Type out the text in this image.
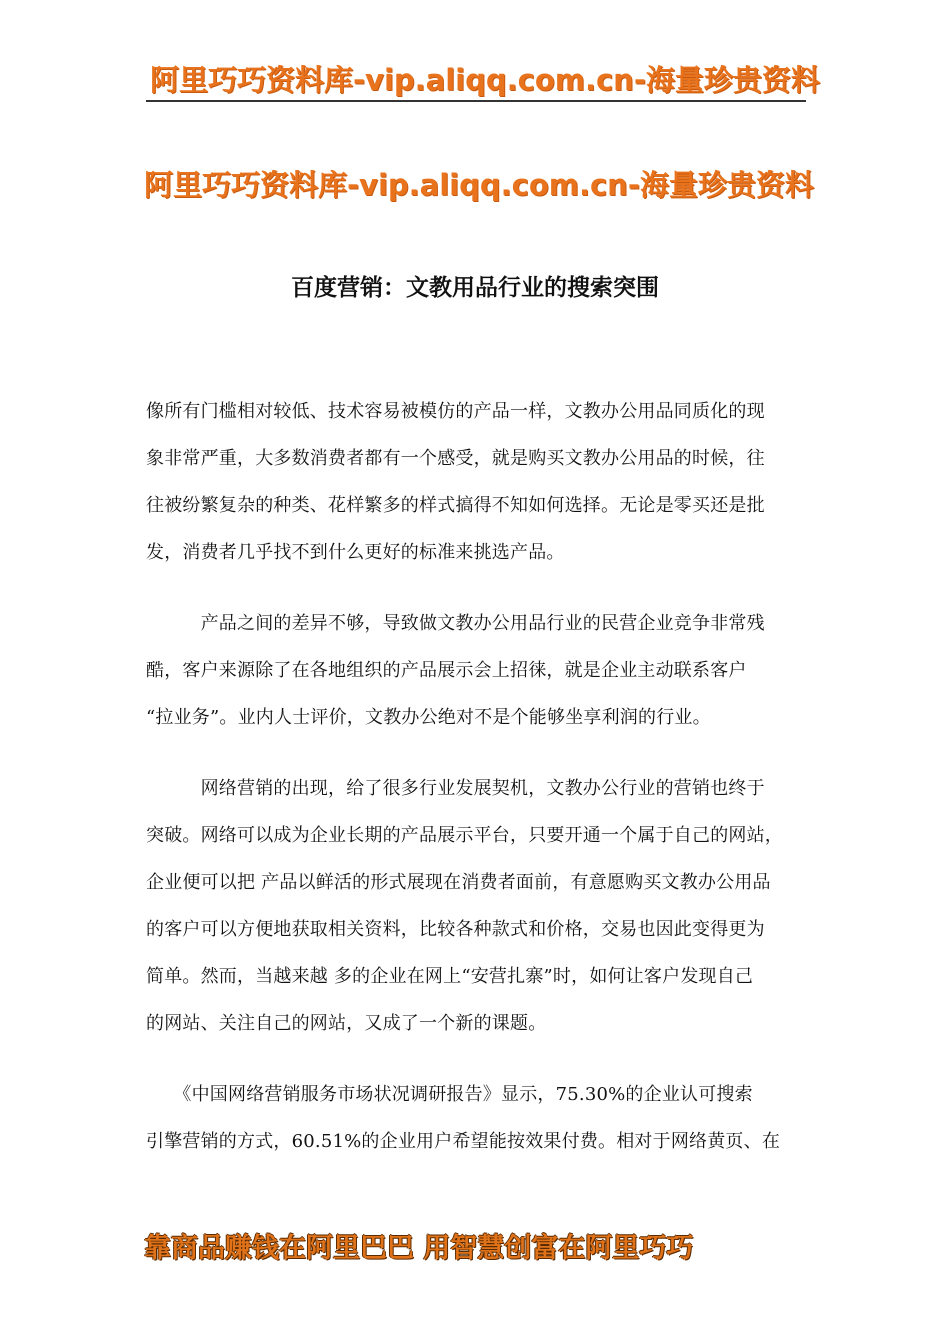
阿里巧巧资料库-vip.aliqq.com.cn-海量珍贵资料
阿里巧巧资料库-vip.aliqq.com.cn-海量珍贵资料
百度营销：文教用品行业的搜索突围
像所有门槛相对较低、技术容易被模仿的产品一样，文教办公用品同质化的现
象非常严重，大多数消费者都有一个感受，就是购买文教办公用品的时候，往
往被纷繁复杂的种类、花样繁多的样式搞得不知如何选择。无论是零买还是批
发，消费者几乎找不到什么更好的标准来挑选产品。
　　　产品之间的差异不够，导致做文教办公用品行业的民营企业竞争非常残
酷，客户来源除了在各地组织的产品展示会上招徕，就是企业主动联系客户
“拉业务”。业内人士评价，文教办公绝对不是个能够坐享利润的行业。
　　　网络营销的出现，给了很多行业发展契机，文教办公行业的营销也终于
突破。网络可以成为企业长期的产品展示平台，只要开通一个属于自己的网站，
企业便可以把 产品以鲜活的形式展现在消费者面前，有意愿购买文教办公用品
的客户可以方便地获取相关资料，比较各种款式和价格，交易也因此变得更为
简单。然而，当越来越 多的企业在网上“安营扎寨”时，如何让客户发现自己
的网站、关注自己的网站，又成了一个新的课题。
　　《中国网络营销服务市场状况调研报告》显示，75.30%的企业认可搜索
引擎营销的方式，60.51%的企业用户希望能按效果付费。相对于网络黄页、在
靠商品赚钱在阿里巴巴 用智慧创富在阿里巧巧
